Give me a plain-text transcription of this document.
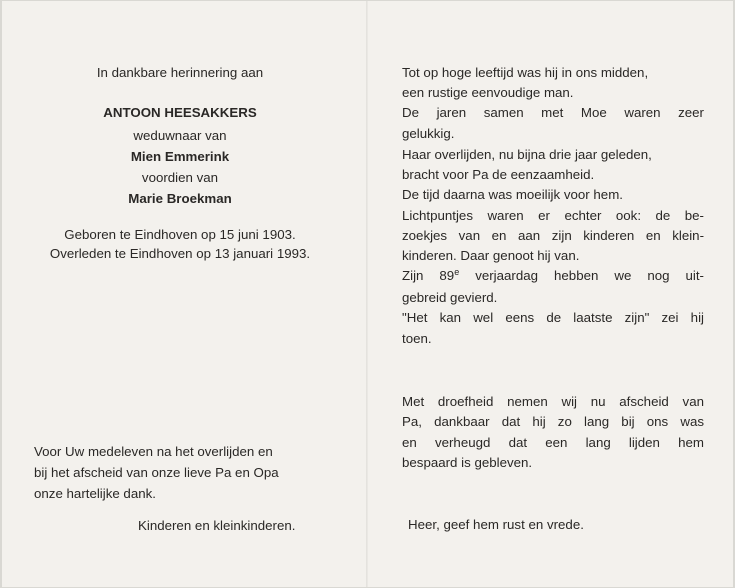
In dankbare herinnering aan
ANTOON HEESAKKERS
weduwnaar van
Mien Emmerink
voordien van
Marie Broekman
Geboren te Eindhoven op 15 juni 1903.
Overleden te Eindhoven op 13 januari 1993.
Voor Uw medeleven na het overlijden en
bij het afscheid van onze lieve Pa en Opa
onze hartelijke dank.
Kinderen en kleinkinderen.
Tot op hoge leeftijd was hij in ons midden,
een rustige eenvoudige man.
De jaren samen met Moe waren zeer
gelukkig.
Haar overlijden, nu bijna drie jaar geleden,
bracht voor Pa de eenzaamheid.
De tijd daarna was moeilijk voor hem.
Lichtpuntjes waren er echter ook: de be-
zoekjes van en aan zijn kinderen en klein-
kinderen. Daar genoot hij van.
Zijn 89e verjaardag hebben we nog uit-
gebreid gevierd.
"Het kan wel eens de laatste zijn" zei hij
toen.
Met droefheid nemen wij nu afscheid van
Pa, dankbaar dat hij zo lang bij ons was
en verheugd dat een lang lijden hem
bespaard is gebleven.
Heer, geef hem rust en vrede.
